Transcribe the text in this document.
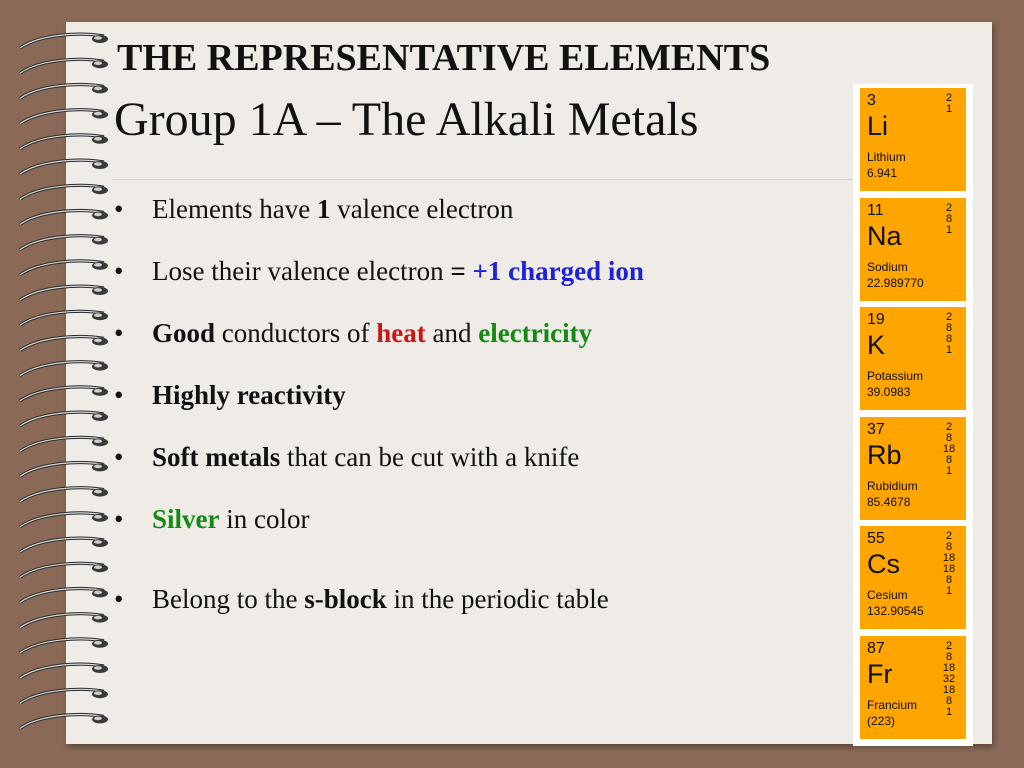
THE REPRESENTATIVE ELEMENTS
Group 1A – The Alkali Metals
• Elements have 1 valence electron
• Lose their valence electron = +1 charged ion
• Good conductors of heat and electricity
• Highly reactivity
• Soft metals that can be cut with a knife
• Silver in color
• Belong to the s-block in the periodic table
3
Li
Lithium
6.941
2
1
11
Na
Sodium
22.989770
2
8
1
19
K
Potassium
39.0983
2
8
8
1
37
Rb
Rubidium
85.4678
2
8
18
8
1
55
Cs
Cesium
132.90545
2
8
18
18
8
1
87
Fr
Francium
(223)
2
8
18
32
18
8
1
